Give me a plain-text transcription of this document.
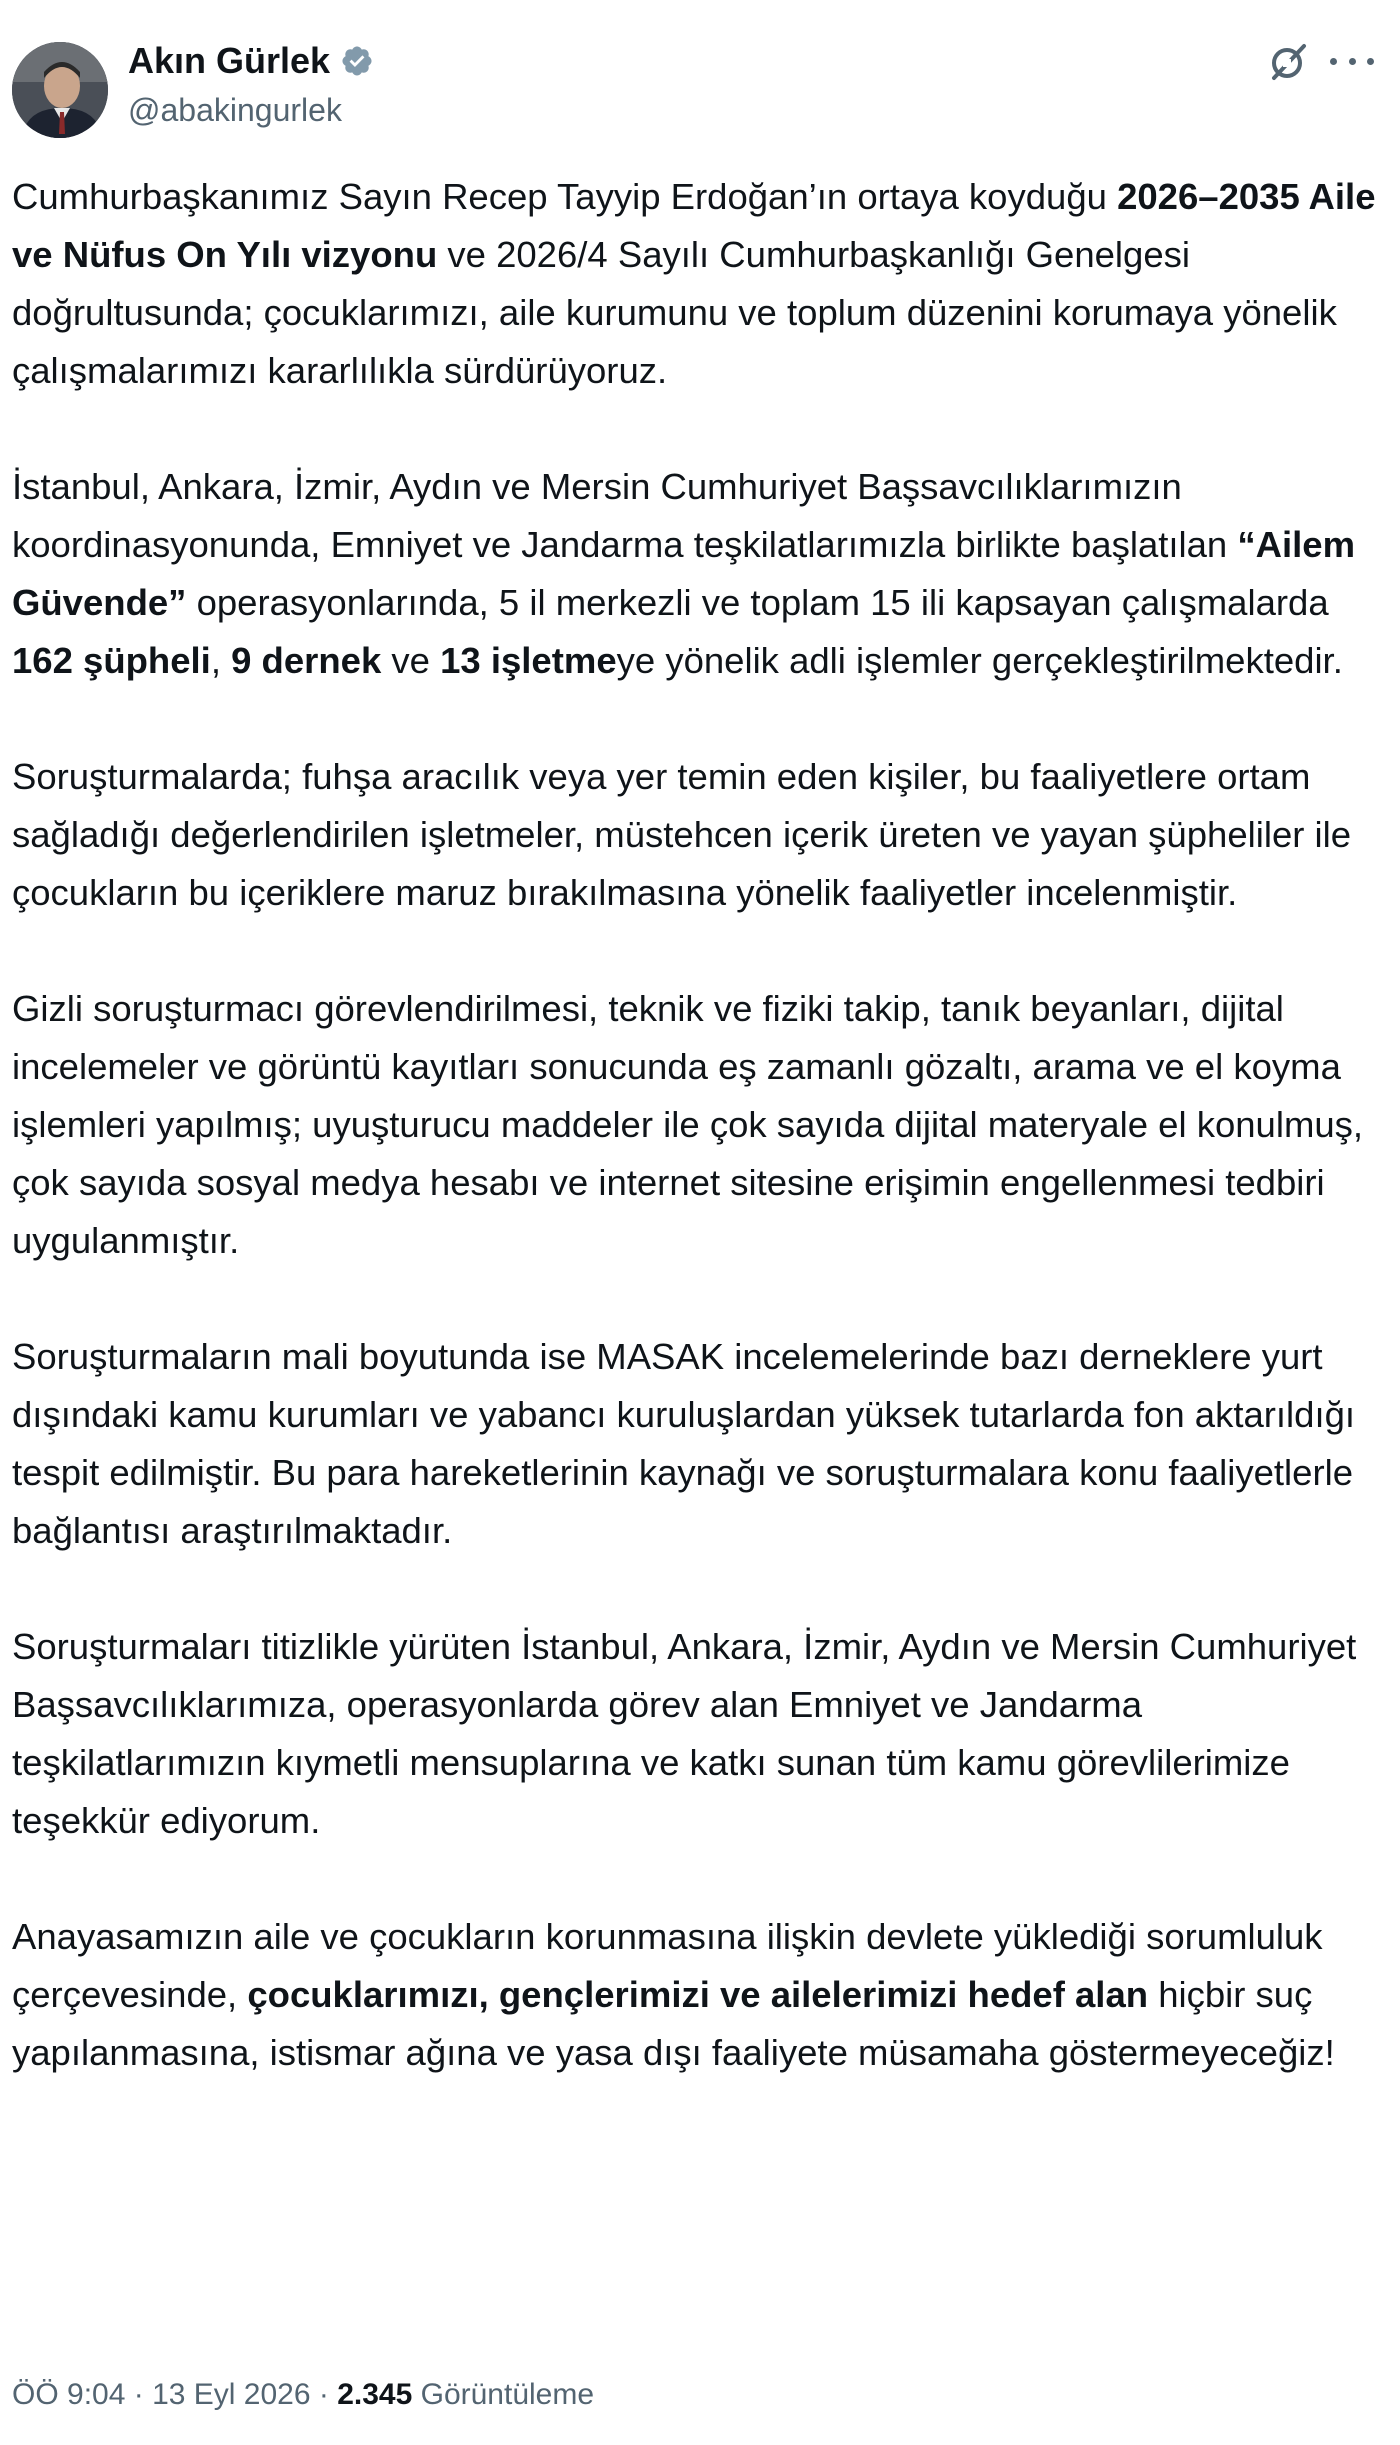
Akın Gürlek
@abakingurlek

Cumhurbaşkanımız Sayın Recep Tayyip Erdoğan’ın ortaya koyduğu 2026–2035 Aile ve Nüfus On Yılı vizyonu ve 2026/4 Sayılı Cumhurbaşkanlığı Genelgesi doğrultusunda; çocuklarımızı, aile kurumunu ve toplum düzenini korumaya yönelik çalışmalarımızı kararlılıkla sürdürüyoruz.

İstanbul, Ankara, İzmir, Aydın ve Mersin Cumhuriyet Başsavcılıklarımızın koordinasyonunda, Emniyet ve Jandarma teşkilatlarımızla birlikte başlatılan “Ailem Güvende” operasyonlarında, 5 il merkezli ve toplam 15 ili kapsayan çalışmalarda 162 şüpheli, 9 dernek ve 13 işletmeye yönelik adli işlemler gerçekleştirilmektedir.

Soruşturmalarda; fuhşa aracılık veya yer temin eden kişiler, bu faaliyetlere ortam sağladığı değerlendirilen işletmeler, müstehcen içerik üreten ve yayan şüpheliler ile çocukların bu içeriklere maruz bırakılmasına yönelik faaliyetler incelenmiştir.

Gizli soruşturmacı görevlendirilmesi, teknik ve fiziki takip, tanık beyanları, dijital incelemeler ve görüntü kayıtları sonucunda eş zamanlı gözaltı, arama ve el koyma işlemleri yapılmış; uyuşturucu maddeler ile çok sayıda dijital materyale el konulmuş, çok sayıda sosyal medya hesabı ve internet sitesine erişimin engellenmesi tedbiri uygulanmıştır.

Soruşturmaların mali boyutunda ise MASAK incelemelerinde bazı derneklere yurt dışındaki kamu kurumları ve yabancı kuruluşlardan yüksek tutarlarda fon aktarıldığı tespit edilmiştir. Bu para hareketlerinin kaynağı ve soruşturmalara konu faaliyetlerle bağlantısı araştırılmaktadır.

Soruşturmaları titizlikle yürüten İstanbul, Ankara, İzmir, Aydın ve Mersin Cumhuriyet Başsavcılıklarımıza, operasyonlarda görev alan Emniyet ve Jandarma teşkilatlarımızın kıymetli mensuplarına ve katkı sunan tüm kamu görevlilerimize teşekkür ediyorum.

Anayasamızın aile ve çocukların korunmasına ilişkin devlete yüklediği sorumluluk çerçevesinde, çocuklarımızı, gençlerimizi ve ailelerimizi hedef alan hiçbir suç yapılanmasına, istismar ağına ve yasa dışı faaliyete müsamaha göstermeyeceğiz!

ÖÖ 9:04 · 13 Eyl 2026 · 2.345 Görüntüleme
